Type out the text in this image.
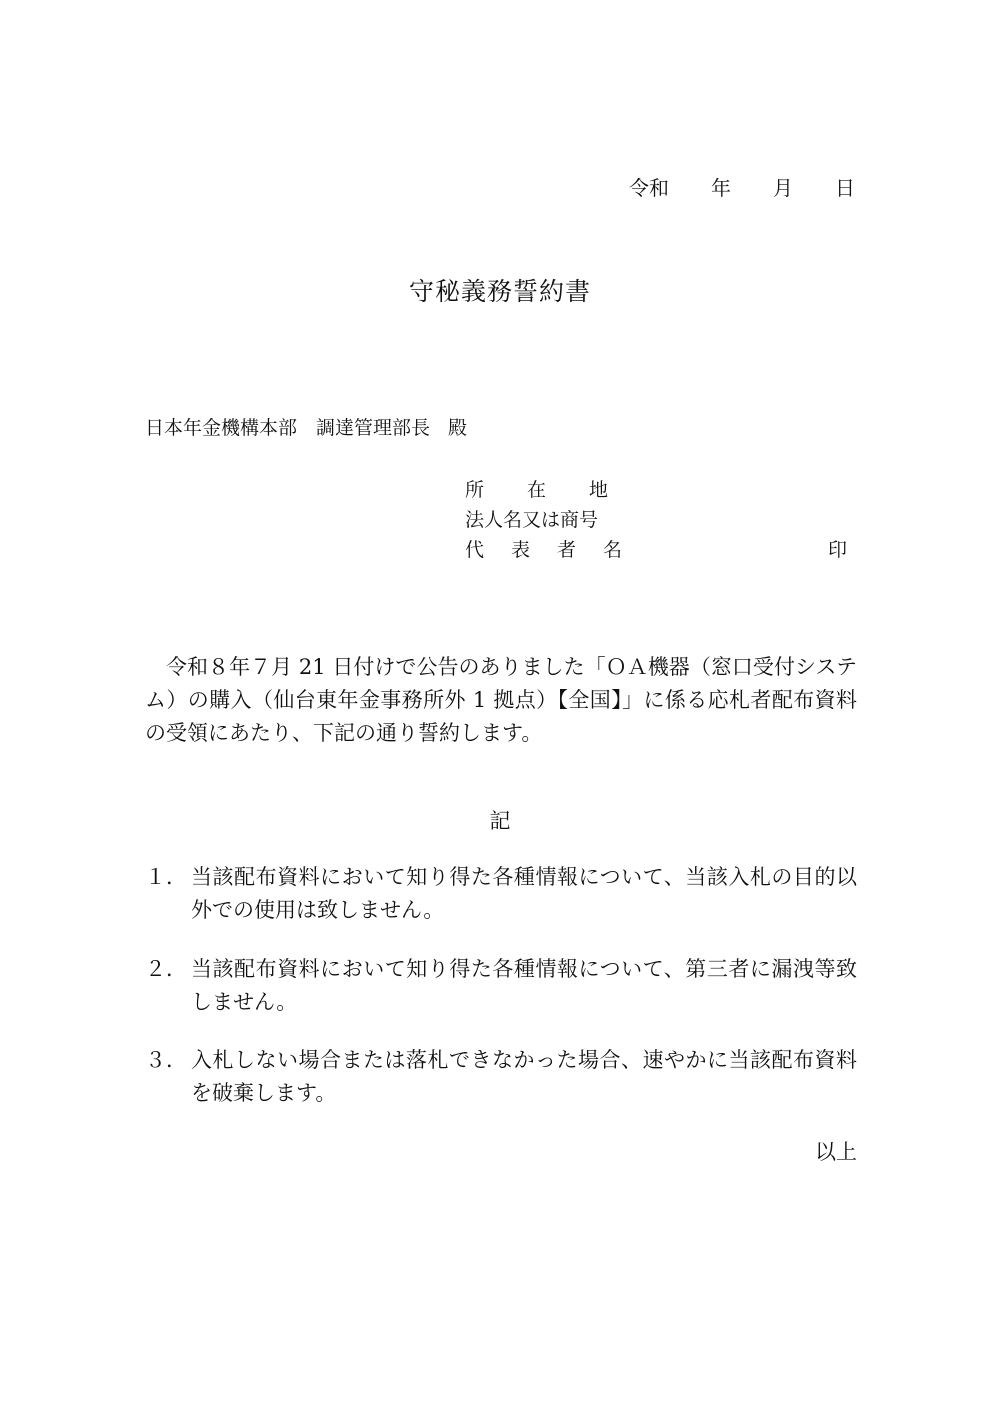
令和 年 月 日
守秘義務誓約書
日本年金機構本部　調達管理部長 殿
所 在 地
法人名又は商号
代 表 者 名	印
令和８年７月 21 日付けで公告のありました「ＯＡ機器（窓口受付システム）の購入（仙台東年金事務所外 1 拠点）【全国】」に係る応札者配布資料の受領にあたり、下記の通り誓約します。
記
１． 当該配布資料において知り得た各種情報について、当該入札の目的以外での使用は致しません。
２． 当該配布資料において知り得た各種情報について、第三者に漏洩等致しません。
３． 入札しない場合または落札できなかった場合、速やかに当該配布資料を破棄します。
以上
